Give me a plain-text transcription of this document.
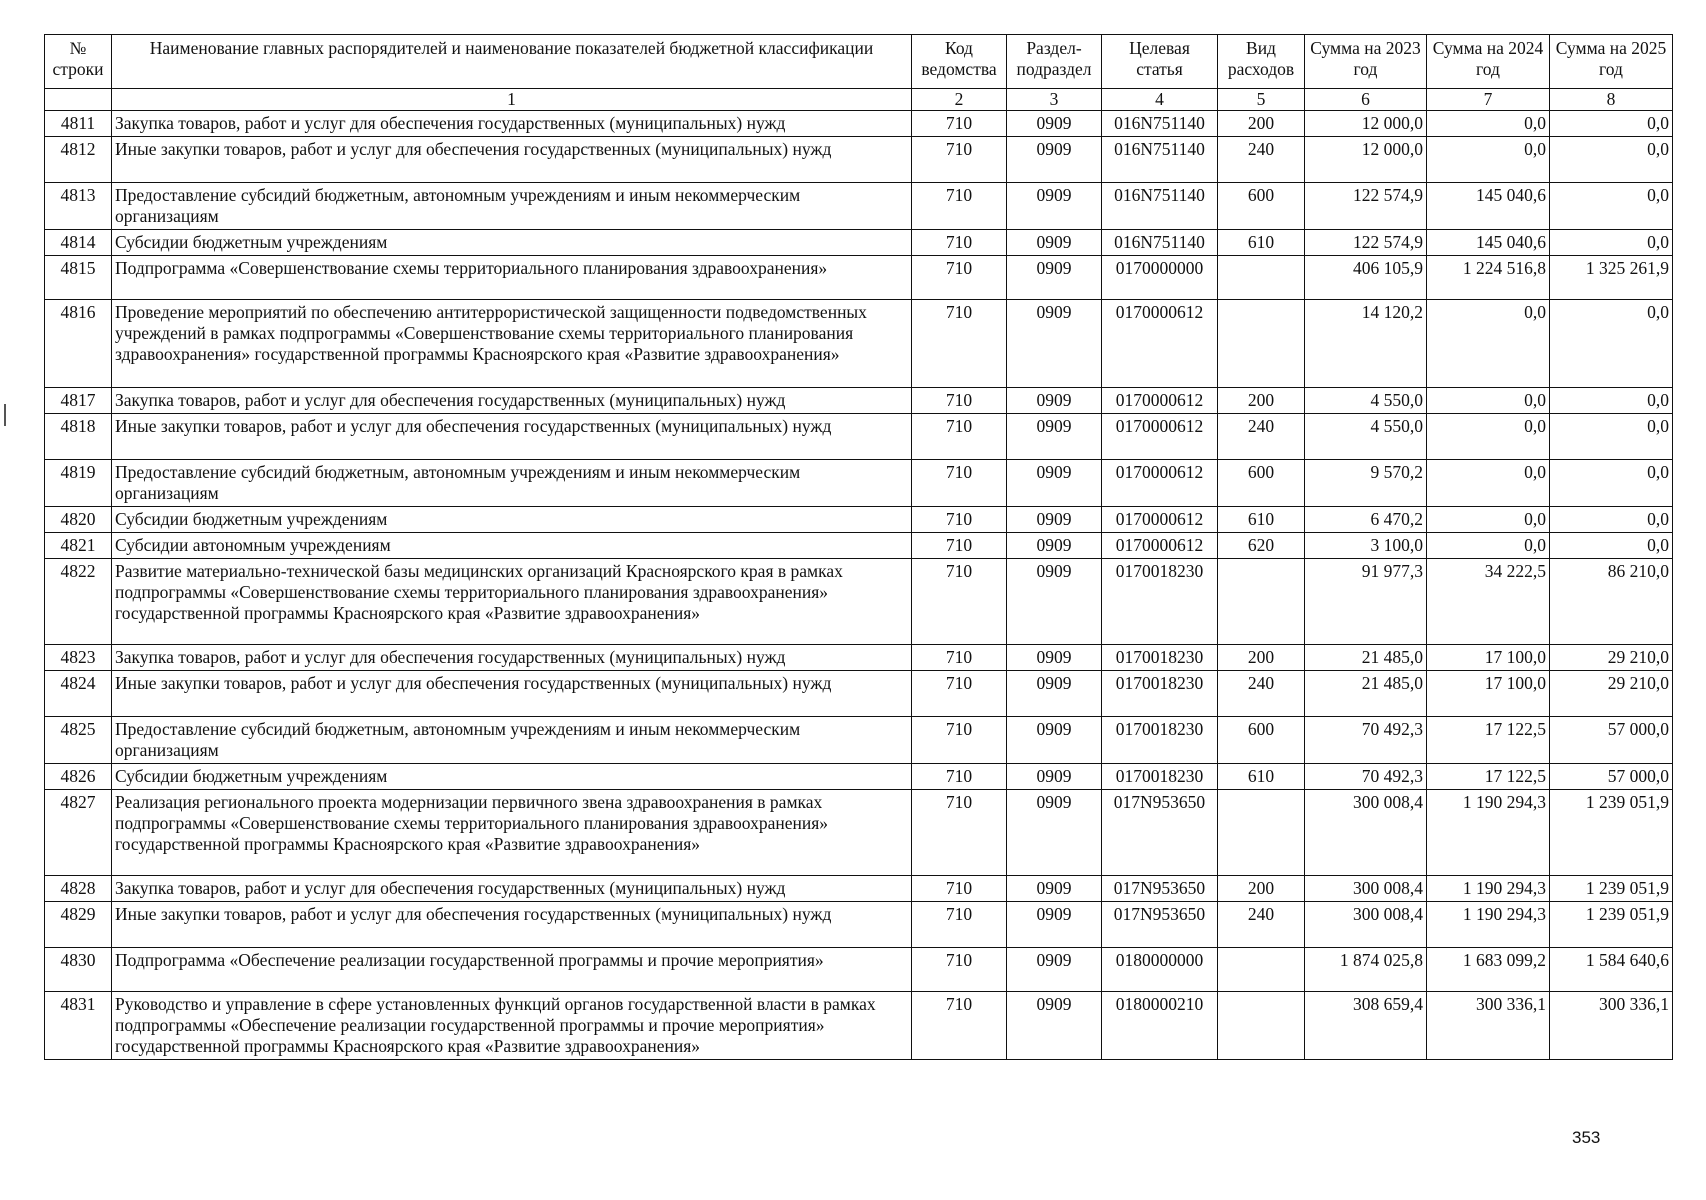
№ строки	Наименование главных распорядителей и наименование показателей бюджетной классификации	Код ведомства	Раздел-подраздел	Целевая статья	Вид расходов	Сумма на 2023 год	Сумма на 2024 год	Сумма на 2025 год
	1	2	3	4	5	6	7	8
4811	Закупка товаров, работ и услуг для обеспечения государственных (муниципальных) нужд	710	0909	016N751140	200	12 000,0	0,0	0,0
4812	Иные закупки товаров, работ и услуг для обеспечения государственных (муниципальных) нужд	710	0909	016N751140	240	12 000,0	0,0	0,0
4813	Предоставление субсидий бюджетным, автономным учреждениям и иным некоммерческим организациям	710	0909	016N751140	600	122 574,9	145 040,6	0,0
4814	Субсидии бюджетным учреждениям	710	0909	016N751140	610	122 574,9	145 040,6	0,0
4815	Подпрограмма «Совершенствование схемы территориального планирования здравоохранения»	710	0909	0170000000		406 105,9	1 224 516,8	1 325 261,9
4816	Проведение мероприятий по обеспечению антитеррористической защищенности подведомственных учреждений в рамках подпрограммы «Совершенствование схемы территориального планирования здравоохранения» государственной программы Красноярского края «Развитие здравоохранения»	710	0909	0170000612		14 120,2	0,0	0,0
4817	Закупка товаров, работ и услуг для обеспечения государственных (муниципальных) нужд	710	0909	0170000612	200	4 550,0	0,0	0,0
4818	Иные закупки товаров, работ и услуг для обеспечения государственных (муниципальных) нужд	710	0909	0170000612	240	4 550,0	0,0	0,0
4819	Предоставление субсидий бюджетным, автономным учреждениям и иным некоммерческим организациям	710	0909	0170000612	600	9 570,2	0,0	0,0
4820	Субсидии бюджетным учреждениям	710	0909	0170000612	610	6 470,2	0,0	0,0
4821	Субсидии автономным учреждениям	710	0909	0170000612	620	3 100,0	0,0	0,0
4822	Развитие материально-технической базы медицинских организаций Красноярского края в рамках подпрограммы «Совершенствование схемы территориального планирования здравоохранения» государственной программы Красноярского края «Развитие здравоохранения»	710	0909	0170018230		91 977,3	34 222,5	86 210,0
4823	Закупка товаров, работ и услуг для обеспечения государственных (муниципальных) нужд	710	0909	0170018230	200	21 485,0	17 100,0	29 210,0
4824	Иные закупки товаров, работ и услуг для обеспечения государственных (муниципальных) нужд	710	0909	0170018230	240	21 485,0	17 100,0	29 210,0
4825	Предоставление субсидий бюджетным, автономным учреждениям и иным некоммерческим организациям	710	0909	0170018230	600	70 492,3	17 122,5	57 000,0
4826	Субсидии бюджетным учреждениям	710	0909	0170018230	610	70 492,3	17 122,5	57 000,0
4827	Реализация регионального проекта модернизации первичного звена здравоохранения в рамках подпрограммы «Совершенствование схемы территориального планирования здравоохранения» государственной программы Красноярского края «Развитие здравоохранения»	710	0909	017N953650		300 008,4	1 190 294,3	1 239 051,9
4828	Закупка товаров, работ и услуг для обеспечения государственных (муниципальных) нужд	710	0909	017N953650	200	300 008,4	1 190 294,3	1 239 051,9
4829	Иные закупки товаров, работ и услуг для обеспечения государственных (муниципальных) нужд	710	0909	017N953650	240	300 008,4	1 190 294,3	1 239 051,9
4830	Подпрограмма «Обеспечение реализации государственной программы и прочие мероприятия»	710	0909	0180000000		1 874 025,8	1 683 099,2	1 584 640,6
4831	Руководство и управление в сфере установленных функций органов государственной власти в рамках подпрограммы «Обеспечение реализации государственной программы и прочие мероприятия» государственной программы Красноярского края «Развитие здравоохранения»	710	0909	0180000210		308 659,4	300 336,1	300 336,1
353
